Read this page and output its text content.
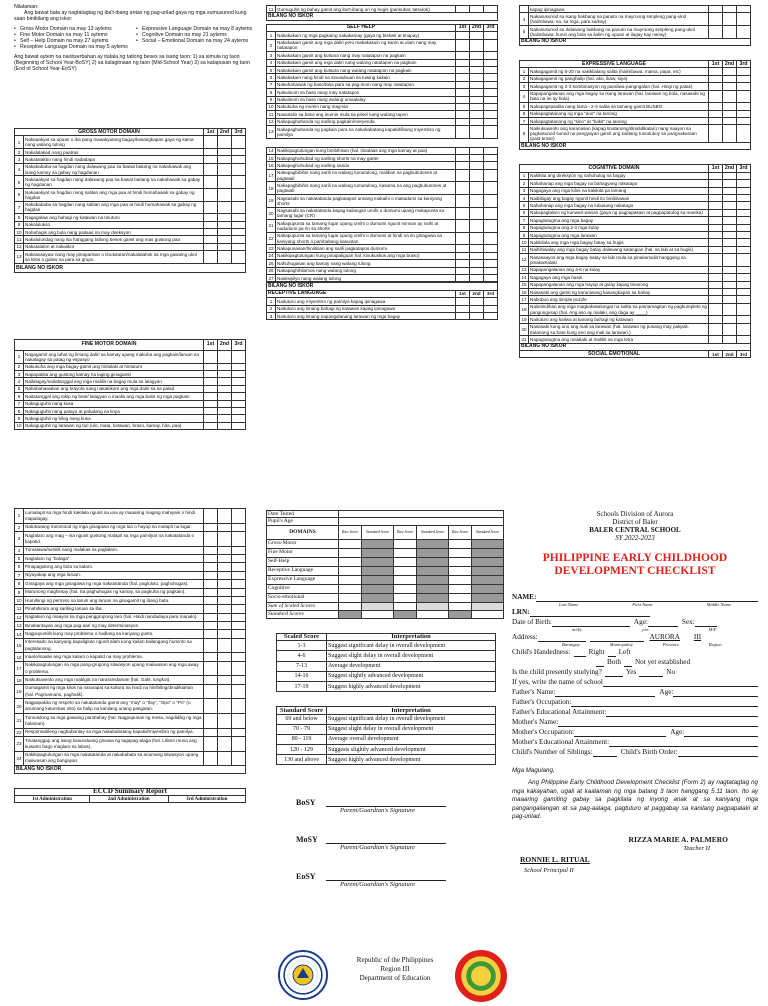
Nilalaman:
Ang bawat bata ay nagtatagtag ng iba't-ibang antas ng pag-unlad gaya ng mga sumusunod kung saan binibilang ang iskor:
• Gross Motor Domain na may 13 aytems
• Fine Motor Domain na may 11 aytems
• Self – Help Domain na may 27 aytems
• Receptive Language Domain na may 5 aytems
• Expressive Language Domain na may 8 aytems
• Cognitive Domain na may 21 aytems
• Social – Emotional Domain na may 24 aytems
Ang bawat aytem na naobserbahan ay itatala ng tatlong beses sa isang taon: 1) sa simula ng taon (Beginning of School Year-BoSY) 2) sa kalagitnaan ng taon (Mid-School Year) 3) sa katapusan ng taon (End of School Year-EoSY)
GROSS MOTOR DOMAIN		1st	2nd	3rd
1	Nakaaakyat sa upuan o iba pang maaakyatang bagay/kasangkapan gaya ng kama nang walang tulong			
2	Nakalalakad nang paatras			
3	Nakatatakbo nang hindi nadadapa			
4	Nakabababa sa hagdan nang dalawang paa sa bawat baitang na nakahawak ang isang kamay sa gabay ng hagdanan			
5	Nakaaakyat sa hagdan nang dalawang paa sa bawat baitang na nakahawak sa gabay ng hagdanan			
6	Nakaaakyat sa hagdan nang salitan ang mga paa at hindi humahawak sa gabay ng hagdan			
7	Nakabababa sa hagdan nang salitan ang mga paa at hindi humahawak sa gabay ng hagdan			
8	Nagagalaw ang bahagi ng katawan na tinuturo			
9	Nakalulukso			
10	Nahahagis ang bola nang paitaas na may direksyon			
11	Nakalulundag nang isa hanggang tatlong beses gamit ang mas gustong paa			
12	Nakatatalon at nakaiikot			
13	Nakasasayaw nang may pinaparisan o tinutularan/nakalalahok sa mga gawaing ukol sa kilos o galaw na para sa grupo			
BILANG NO ISKOR
FINE MOTOR DOMAIN		1st	2nd	3rd
1	Nagagamit ang lahat ng limang daliri sa kamay upang makuha ang pagkain/laruan na nakalagay sa patag ng espasyo			
2	Nakukuha ang mga bagay gamit ang hinlalaki at hintuturo			
3	Napapakita ang gustong kamay na laging ginagamit			
4	Nailalagay/naitatanggal ang mga maliliit na bagay mula sa lalagyan			
5	Nahahahawakan ang krayola nang nakakikom ang mga daliri sa sa palad			
6	Naitatanggal ang takip ng bote/ lalagyan o inaalis ang mga balot ng mga pagkain			
7	Nakaguguhit nang kusa			
8	Nakaguguhit nang patayo at pahalang na linya			
9	Nakaguguhit ng bilog nang kusa			
10	Nakaguguhit ng larawan ng tao (ulo, mata, katawan, braso, kamay, hita, paa)			
11	Gumuguhit ng bahay gamit ang iba't-ibang uri ng hugis (parisukat, tatsulok)			
BILANG NO ISKOR
SELF HELP		1st	2nd	3rd
1	Nakakakain ng mga pagkaing nakakamay (gaya ng biskwit at tinapay)			
2	Nakakakain gamit ang mga daliri pero makakakuin ng kanin at ulam nang may natatapon			
3	Nakakakain gamit ang kutsara nang may natatapon na pagkain			
4	Nakakakain gamit ang mga daliri nang walang natatapon na pagkain			
5	Nakakakain gamit ang kutsara nang walang natatapon na pagkain			
6	Nakakakain nang hindi na sinusubuan sa tuwing kakain			
7	Nakahahawak ng baso/tasa para sa pag-inom nang may natatapon			
8	Nakaiinom sa baso nang may natatapon			
9	Nakaiinom sa baso nang walang umaalalay			
10	Nakukuha ng inumin nang mag-isa			
11	Nasasalin sa baso ang inumin mula sa pitsel nang walang tapon			
12	Nakapaghahanda ng sariling pagkain/meryenda			
13	Nakapaghahanda ng pagkain para sa nakababatang kapatid/ibang miyembro ng pamilya			
14	Nakikipagtulungan kung binibihisan (hal. itinataas ang mga kamay at paa)			
15	Nakapaghuhubad ng sariling shorts na may garter			
16	Nakapaghuhubad ng sariling sando			
17	Nakapagbibihis nang sarili na walang tumutulong, maliban sa pagbubutones at pagtatali			
18	Nakapagbibihis nang sarili na walang tumutulong, kasama na ang pagbubutones at pagtatali			
19	Nagsasabi sa nakatatanda pagkatapos umiang makaihi o makadumi sa kaniyang shorts			
20	Nagsasabi sa nakatatanda kapag kailangan umihi o dumumi upang makapunta sa tamang lugar (CR)			
21	Nakapupunta sa tamang lugar upang umihi o dumumi ngunit minsan ay naihi at nadudumi pa rin sa shorts			
22	Nakapupunta sa tamang lugar upang umihi o dumumi at hindi na ito ginagawa sa kaniyang shorts o pambabang kasuotan			
23	Nakapunasan/hiniitisan ang sarili pagkatapos dumumi			
24	Nakikipagtulungan kung pinapaliguan hal. kinukuskos ang mga braso)			
25	Nahuhugasan ang kamay nang walang tulong			
26	Nakapaghihilamos nang walang tulong			
27	Naisisipilyo nang walang tulong			
BILANG NO ISKOR				
RECEPTIVE LANGUAGE		1st	2nd	3rd
1	Naituturo ang miyembro ng pamilya kapag ipinagawa			
2	Naituturo ang limang bahagi ng katawan kapag ipinagawa			
3	Naituturo ang limang napangalanang larawan ng mga bagay			
	kapag ipinagawa			
4	Nakasusunod sa isang hakbang na panuto na mayroong simpleng pang-ukol (halimbawa: sa, sa mga, para sa/kay)			
5	Nakasusunod sa dalawang hakbang na panuto na mayroong simpleng pang-ukol (halimbawa: kunin ang bola sa ilalim ng upuan at ilagay kay nanay)			
BILANG NO ISKOR				
EXPRESSIVE LANGUAGE		1st	2nd	3rd
1	Nakagagamit ng 5-20 na nakikilalang salita (halimbawa: mama, papa, etc)			
2	Nakagagamit ng panghalip (hal. ako, ikaw, siya)			
3	Nakagagamit ng 2-3 kombinasyon ng pandiwa-pangngalan (hal. Hingi ng patas)			
4	Napapangalanan ang mga bagay sa isang larawan (hal. larawan ng bola, nasasabi ng bata na ito ay bola)			
5	Nakapagsasalita nang tama - 2-3 salita sa tamang gamit BUSBO			
6	Nakapagtatanong ng mga "ano" na tanong			
7	Nakapagtatanong ng "sino" at "bakit" na tanong			
8	Naikukuwento ang karanasan (kapag tinatanong/dinididikatan) nang naayon sa pagkasunod sunod na pangyayari gamit ang salitang tumutukoy sa pangnakaraan (past-tense)			
BILANG NO ISKOR				
COGNITIVE DOMAIN		1st	2nd	3rd
1	Nakikita ang direksyon ng nahuhulog na bagay			
2	Nahahanap ang mga bagay na bahagyang nakatago			
3	Nagagaya ang mga kilos na kakikita pa lamang			
4	Naibibigay ang bagay ngunit hindi ito binibitawan			
5	Nahahanap ang mga bagay na lubusang nakatago			
6	Nakapaglalaro ng kunwari-warian (gaya ng pagpapakain at pagpapatulog sa manika)			
7	Napagtutugma ang mga bagay			
8	Napagtutugma ang 2-3 mga kulay			
9	Napagtutugma ang mga larawan			
10	Nakikilala ang mga mga bagay batay sa hugis			
11	Naihihiwalay ang mga bagay batay dalawang katangian (hal. sa laki at sa hugis)			
12	Nasasaayos ang mga bagay batay sa laki mula sa pinakamaliit hanggang sa pinakamalaki			
13	Napapangalanan ang 4-6 na kulay			
14	Nagagaya ang mga hasis			
15	Napapangalanan ang mga hayop at gulay kapag tinanong			
16	Nasasabi ang gamit ng karaniwang kasangkapan sa bahay			
17	Nabubuo ang simple puzzle			
18	Naiintindihan ang mga magkakasalungat na salita sa pamamagitan ng pagkumpleto ng pangungusap (hal. Ang aso ay malaki, ang daga ay ____)			
19	Naituturo ang kaliwa at kanang bahagi ng katawan			
20	Nasasabi kung ano ang mali sa larawan (hal. larawan ng pusang may pakpak. Itatanong sa bata kung ano ang mali sa larawan.)			
21	Napagtutugma ang malalaki at maliliit na mga letra			
BILANG NO ISKOR				
SOCIAL EMOTIONAL		1st	2nd	3rd
1	Lumalapit sa mga hindi kakilala ngunit sa una ay maaaring maging mahiyain o hindi mapalagay.			
2	Natutuwang nanonood ng mga ginagawa ng mga tao o hayop sa malapit na lugar.			
3	Naglalaro ang mag – isa ngunit gustong malapit sa mga pamilyar na nakatatanda o kapatid.			
4	Tumatawa/tumitili nang malakas sa paglalaro.			
5	Naglalaro ng "bulaga".			
6	Pinapagulong ang bola sa kalaro.			
7	Niyayakap ang mga laruan.			
8	Ginagaya ang mga ginagawa ng mga nakatatanda (hal. pagluluto, paghuhugas).			
9	Marunong maghintay (hal. Sa paghuhugas ng kamay, sa pagkuha ng pagkain).			
10	Humihingi ng permiso na laruin ang laruan na ginagamit ng ibang bata.			
11	Pinahihiram ang sariling laruan sa iba.			
12	Naglalaro ng maayos sa mga panggrupong laro (hal. Hindi nandadaya para manalo).			
13	Binabantayan ang mga pag-aari ng may determinasyon.			
14	Nagpupumilit kung may problema o hadlang sa kanyang gusto.			
15	Interesado sa kanyang kapaligiran ngunit alam kung kailan kailangang huminto sa pagtatanong.			
16	Inaalo/inaalie ang mga kalaro o kapatid na may problema.			
17	Nakikipagtulungan sa mga pang-grupong sitwasyon upang maiiwasan ang mga away o problema.			
18	Naikukuwento ang mga mabigat na nararamdaman (hal. Galit, lungkot).			
19	Gumagamit ng mga kilos na nararapat sa kultura na hindi na hinihiling/dinidiktahan (hal. Pagmamano, paghalik).			
20	Nagpapakita ng respeto sa nakatatanda gamit ang "may" o "Ilay", "Opo" o "Po" (o anumang katumbas nito) sa halip na kanilang unang pangalan.			
21	Tumutulong sa mga gawaing pambahay (hal. Nagpupunas ng mesa, nagdidilig ng mga halaman).			
22	Responsableng nagbabantay sa mga nakababatang kapatid/miyembro ng pamilya.			
23	Tinatanggap ang isang kasunduang ginawa ng tagapag-alaga (hal. Liliniin muna ang kuwarto bago maglaro sa labas).			
24	Nakikipagtulungan sa mga nakatatanda at nakababata sa anumang sitwasyon upang maiiwasan ang bangayan.			
BILANG NO ISKOR				
ECCD Summary Report
1st Administration	2nd Administration	3rd Administration
Date Tested						
Pupil's Age						
DOMAINS	Raw Score	Standard Score	Raw Score	Standard Score	Raw Score	Standard Score
Gross-Motor						
Fine Motor						
Self-Help						
Receptive Language						
Expressive Language						
Cognitive						
Socio-emotional						
Sum of Scaled Scores						
Standard Scores						
Scaled Score	Interpretation
1-3	Suggest significant delay in overall development
4-6	Suggest slight delay in overall development
7-13	Average development
14-16	Suggest slightly advanced development
17-19	Suggest highly advanced development
Standard Score	Interpretation
69 and below	Suggest significant delay in overall development
70 - 79	Suggest slight delay in overall development
80 - 119	Average overall development
120 - 129	Suggests slightly advanced development
130 and above	Suggest highly advanced development
BoSY
Parent/Guardian's Signature
MoSY
Parent/Guardian's Signature
EoSY
Parent/Guardian's Signature
Republic of the Philippines
Region III
Department of Education
Schools Division of Aurora
District of Baler
BALER CENTRAL SCHOOL
SY 2022-2023
PHILIPPINE EARLY CHILDHOOD
DEVELOPMENT CHECKLIST
NAME:
Last Name	First Name	Middle Name
LRN:
Date of Birth:	Age:	Sex:
m/d/y	y/m	M/F
Address:	AURORA III
Barangay	Municipality	Province	Region
Child's Handedness:	Right Left
Both Not yet established
Is the child presently studying?	Yes	No
If yes, write the name of school
Father's Name:	Age:
Father's Occupation:
Father's Educational Attainment:
Mother's Name:
Mother's Occupation:	Age:
Mother's Educational Attainment:
Child's Number of Siblings:	Child's Birth Order:
Mga Magulang,
Ang Philippine Early Childhood Development Checklist (Form 2) ay nagtatagtag ng mga kakayahan, ugali at kaalaman ng mga batang 3 taon hanggang 5.11 taon. Ito ay maaaring gamiting gabay sa pagkilala ng inyong anak at sa kaniyang mga pangangailangan at sa pag-aalaga, pagtuturo at paggabay sa kanilang pagpapalaki at pag-unlad.
RIZZA MARIE A. PALMERO
Teacher II
RONNIE L. RITUAL
School Principal II
